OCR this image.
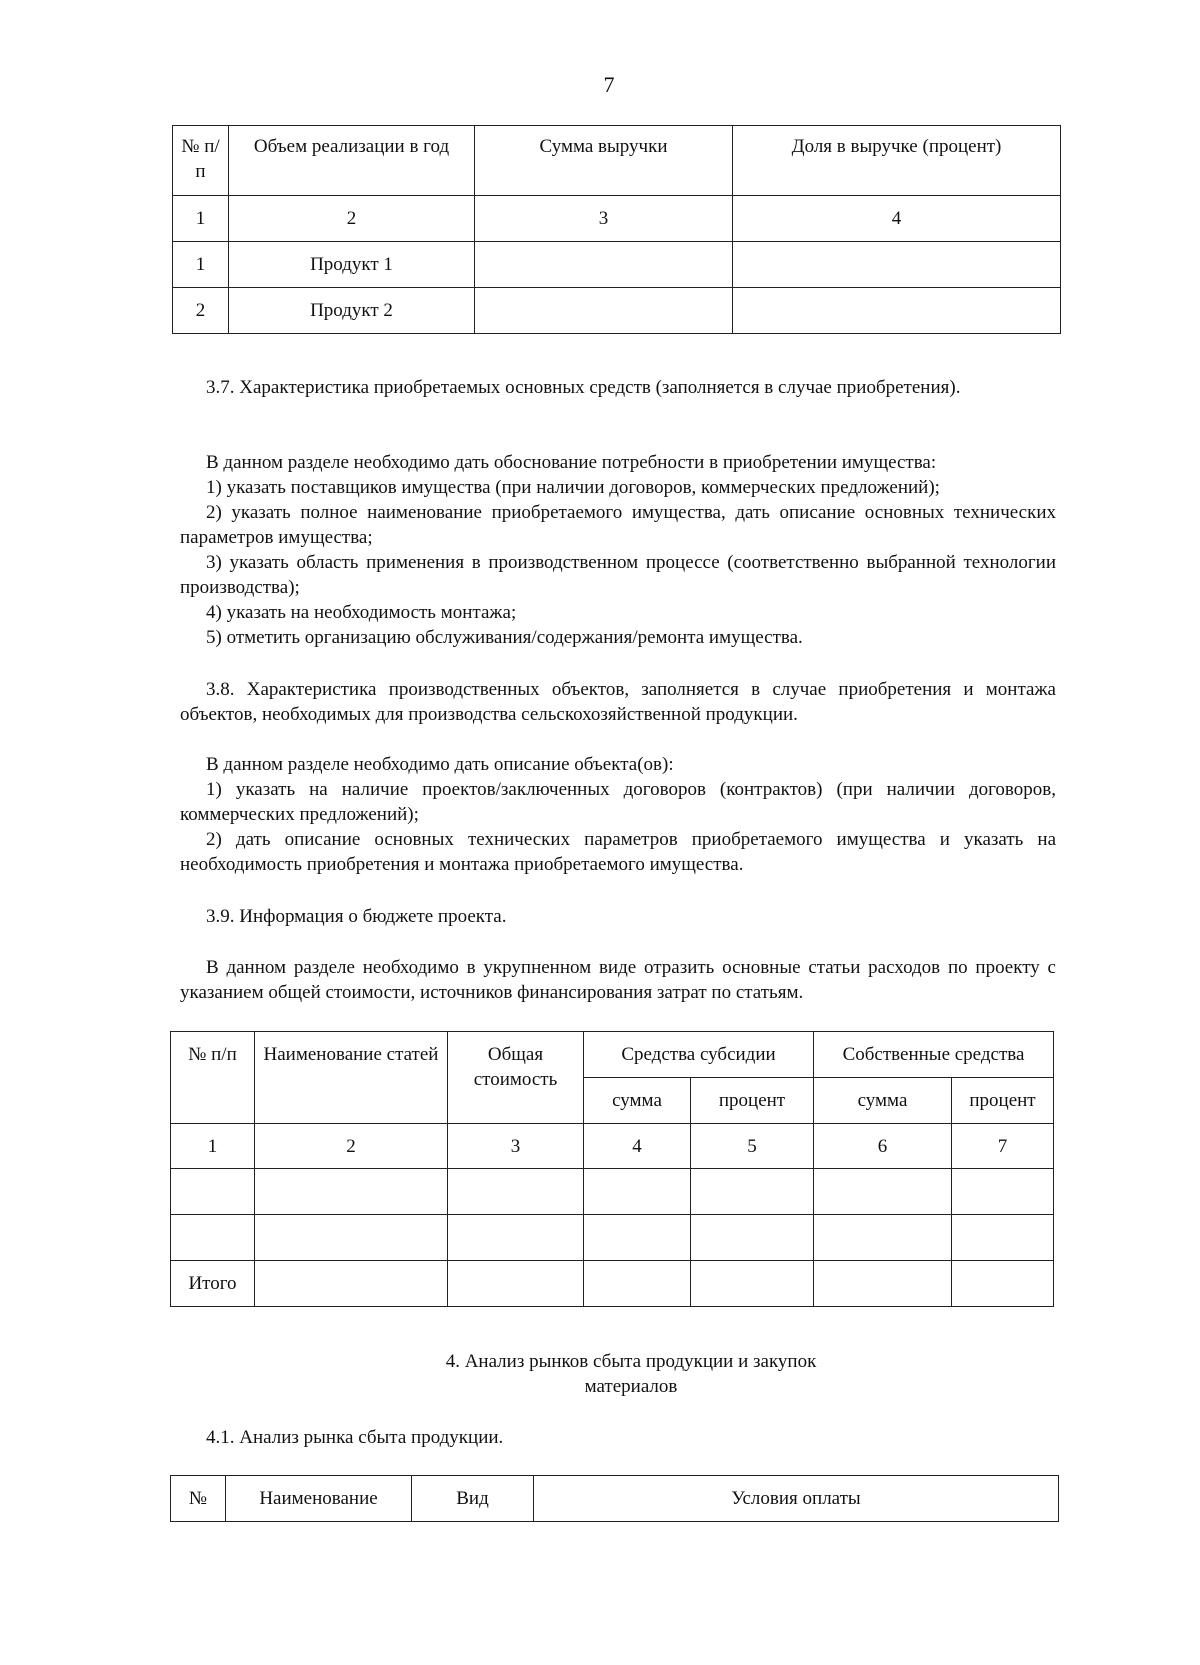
7
№ п/п	Объем реализации в год	Сумма выручки	Доля в выручке (процент)
1	2	3	4
1	Продукт 1		
2	Продукт 2		

3.7. Характеристика приобретаемых основных средств (заполняется в случае приобретения).

В данном разделе необходимо дать обоснование потребности в приобретении имущества:

1) указать поставщиков имущества (при наличии договоров, коммерческих предложений);

2) указать полное наименование приобретаемого имущества, дать описание основных технических параметров имущества;

3) указать область применения в производственном процессе (соответственно выбранной технологии производства);

4) указать на необходимость монтажа;

5) отметить организацию обслуживания/содержания/ремонта имущества.

3.8. Характеристика производственных объектов, заполняется в случае приобретения и монтажа объектов, необходимых для производства сельскохозяйственной продукции.

В данном разделе необходимо дать описание объекта(ов):

1) указать на наличие проектов/заключенных договоров (контрактов) (при наличии договоров, коммерческих предложений);

2) дать описание основных технических параметров приобретаемого имущества и указать на необходимость приобретения и монтажа приобретаемого имущества.

3.9. Информация о бюджете проекта.

В данном разделе необходимо в укрупненном виде отразить основные статьи расходов по проекту с указанием общей стоимости, источников финансирования затрат по статьям.

№ п/п	Наименование статей	Общая стоимость	Средства субсидии		Собственные средства	
			сумма	процент	сумма	процент
1	2	3	4	5	6	7

Итого						

4. Анализ рынков сбыта продукции и закупок

материалов

4.1. Анализ рынка сбыта продукции.

№	Наименование	Вид	Условия оплаты
